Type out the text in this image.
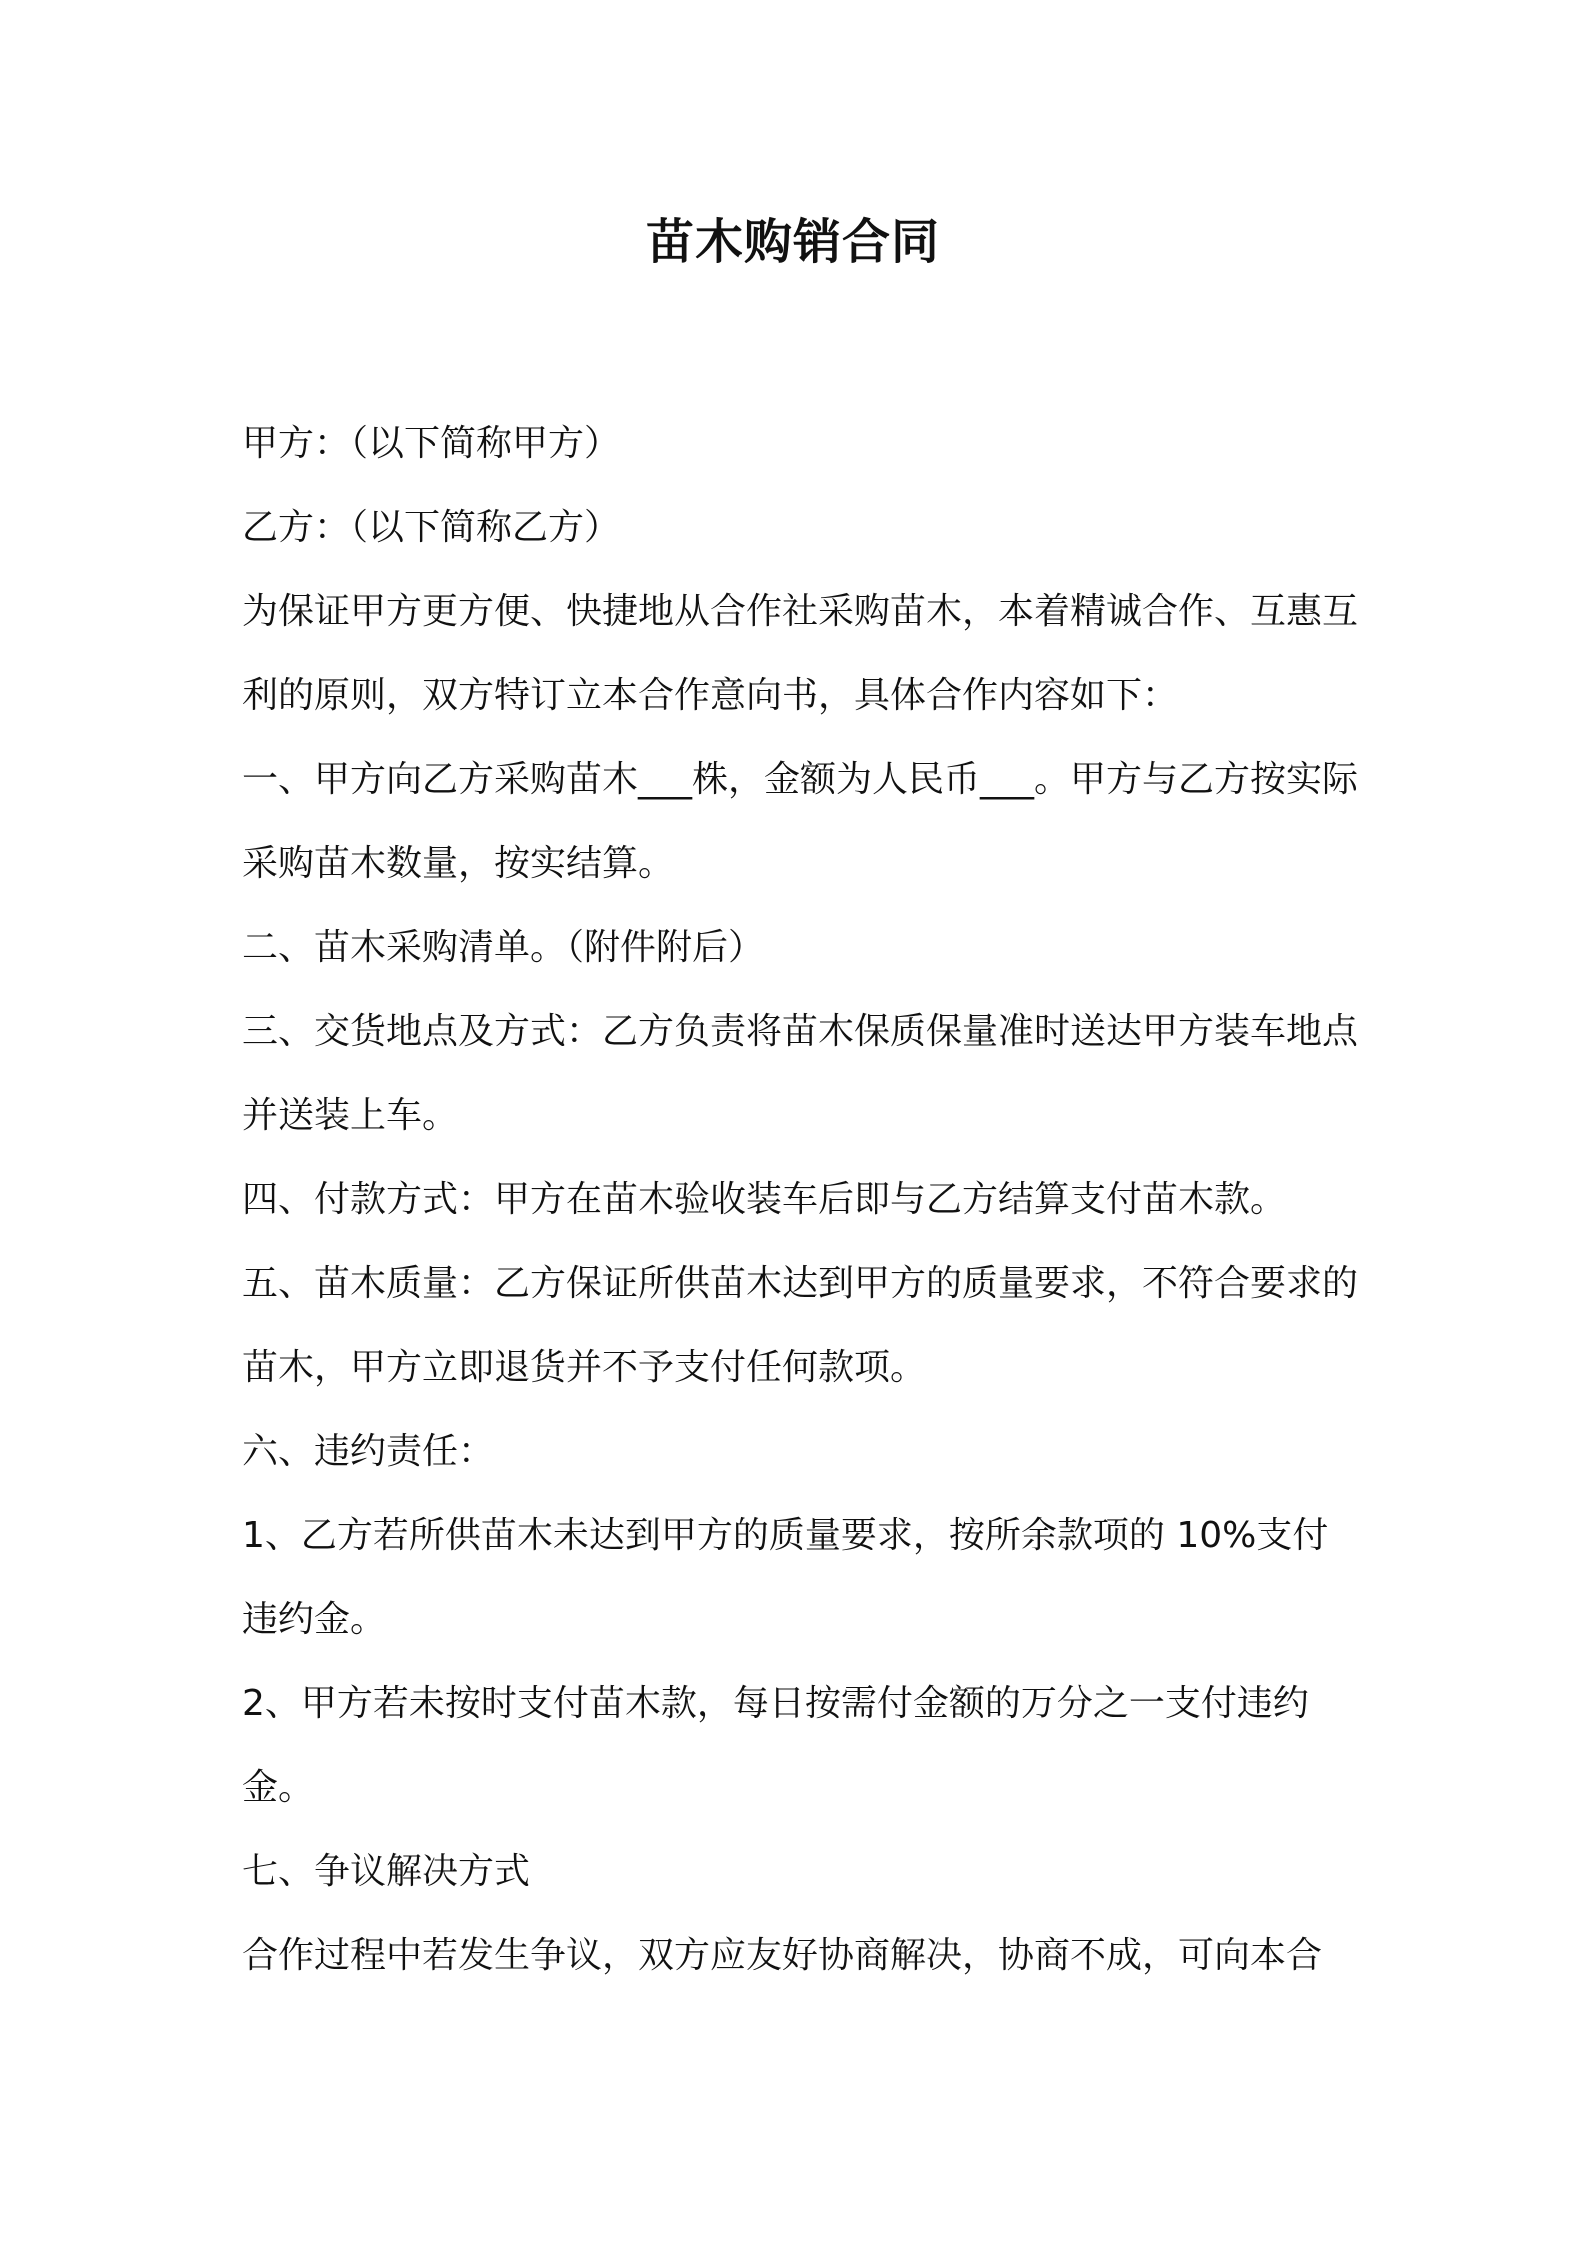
苗木购销合同

甲方：（以下简称甲方）

乙方：（以下简称乙方）

为保证甲方更方便、快捷地从合作社采购苗木，本着精诚合作、互惠互利的原则，双方特订立本合作意向书，具体合作内容如下：

一、甲方向乙方采购苗木___株，金额为人民币___。甲方与乙方按实际采购苗木数量，按实结算。

二、苗木采购清单。（附件附后）

三、交货地点及方式：乙方负责将苗木保质保量准时送达甲方装车地点并送装上车。

四、付款方式：甲方在苗木验收装车后即与乙方结算支付苗木款。

五、苗木质量：乙方保证所供苗木达到甲方的质量要求，不符合要求的苗木，甲方立即退货并不予支付任何款项。

六、违约责任：

1、乙方若所供苗木未达到甲方的质量要求，按所余款项的 10%支付违约金。

2、甲方若未按时支付苗木款，每日按需付金额的万分之一支付违约金。

七、争议解决方式

合作过程中若发生争议，双方应友好协商解决，协商不成，可向本合
